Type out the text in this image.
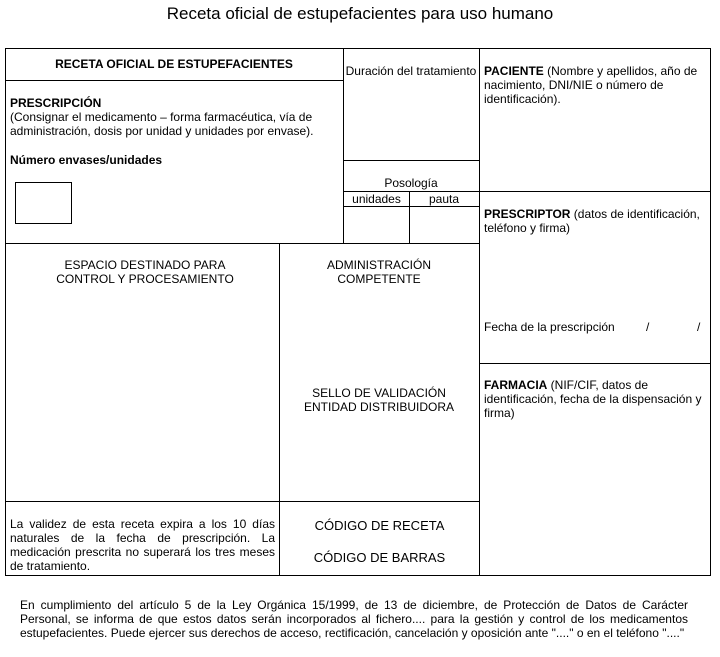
Receta oficial de estupefacientes para uso humano
RECETA OFICIAL DE ESTUPEFACIENTES
PRESCRIPCIÓN
(Consignar el medicamento – forma farmacéutica, vía de administración, dosis por unidad y unidades por envase).
Número envases/unidades
Duración del tratamiento
Posología
unidades	pauta
PACIENTE (Nombre y apellidos, año de nacimiento, DNI/NIE o número de identificación).
PRESCRIPTOR (datos de identificación, teléfono y firma)
Fecha de la prescripción	/	/
FARMACIA (NIF/CIF, datos de identificación, fecha de la dispensación y firma)
ESPACIO DESTINADO PARA CONTROL Y PROCESAMIENTO
ADMINISTRACIÓN COMPETENTE
SELLO DE VALIDACIÓN ENTIDAD DISTRIBUIDORA
La validez de esta receta expira a los 10 días naturales de la fecha de prescripción. La medicación prescrita no superará los tres meses de tratamiento.
CÓDIGO DE RECETA
CÓDIGO DE BARRAS
En cumplimiento del artículo 5 de la Ley Orgánica 15/1999, de 13 de diciembre, de Protección de Datos de Carácter Personal, se informa de que estos datos serán incorporados al fichero.... para la gestión y control de los medicamentos estupefacientes. Puede ejercer sus derechos de acceso, rectificación, cancelación y oposición ante "...." o en el teléfono "...."
